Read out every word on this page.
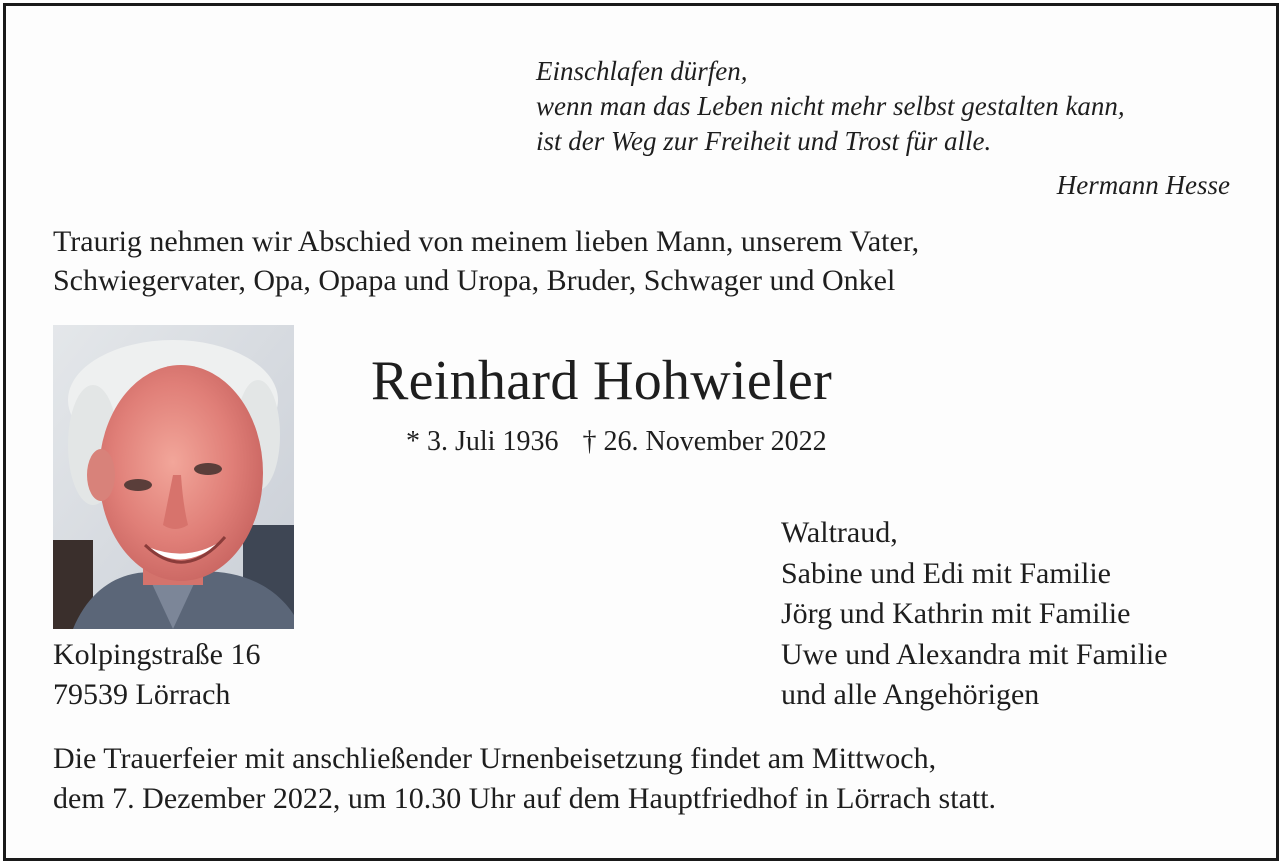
Einschlafen dürfen,
wenn man das Leben nicht mehr selbst gestalten kann,
ist der Weg zur Freiheit und Trost für alle.
Hermann Hesse
Traurig nehmen wir Abschied von meinem lieben Mann, unserem Vater,
Schwiegervater, Opa, Opapa und Uropa, Bruder, Schwager und Onkel
Reinhard Hohwieler
* 3. Juli 1936 † 26. November 2022
Kolpingstraße 16
79539 Lörrach
Waltraud,
Sabine und Edi mit Familie
Jörg und Kathrin mit Familie
Uwe und Alexandra mit Familie
und alle Angehörigen
Die Trauerfeier mit anschließender Urnenbeisetzung findet am Mittwoch,
dem 7. Dezember 2022, um 10.30 Uhr auf dem Hauptfriedhof in Lörrach statt.
